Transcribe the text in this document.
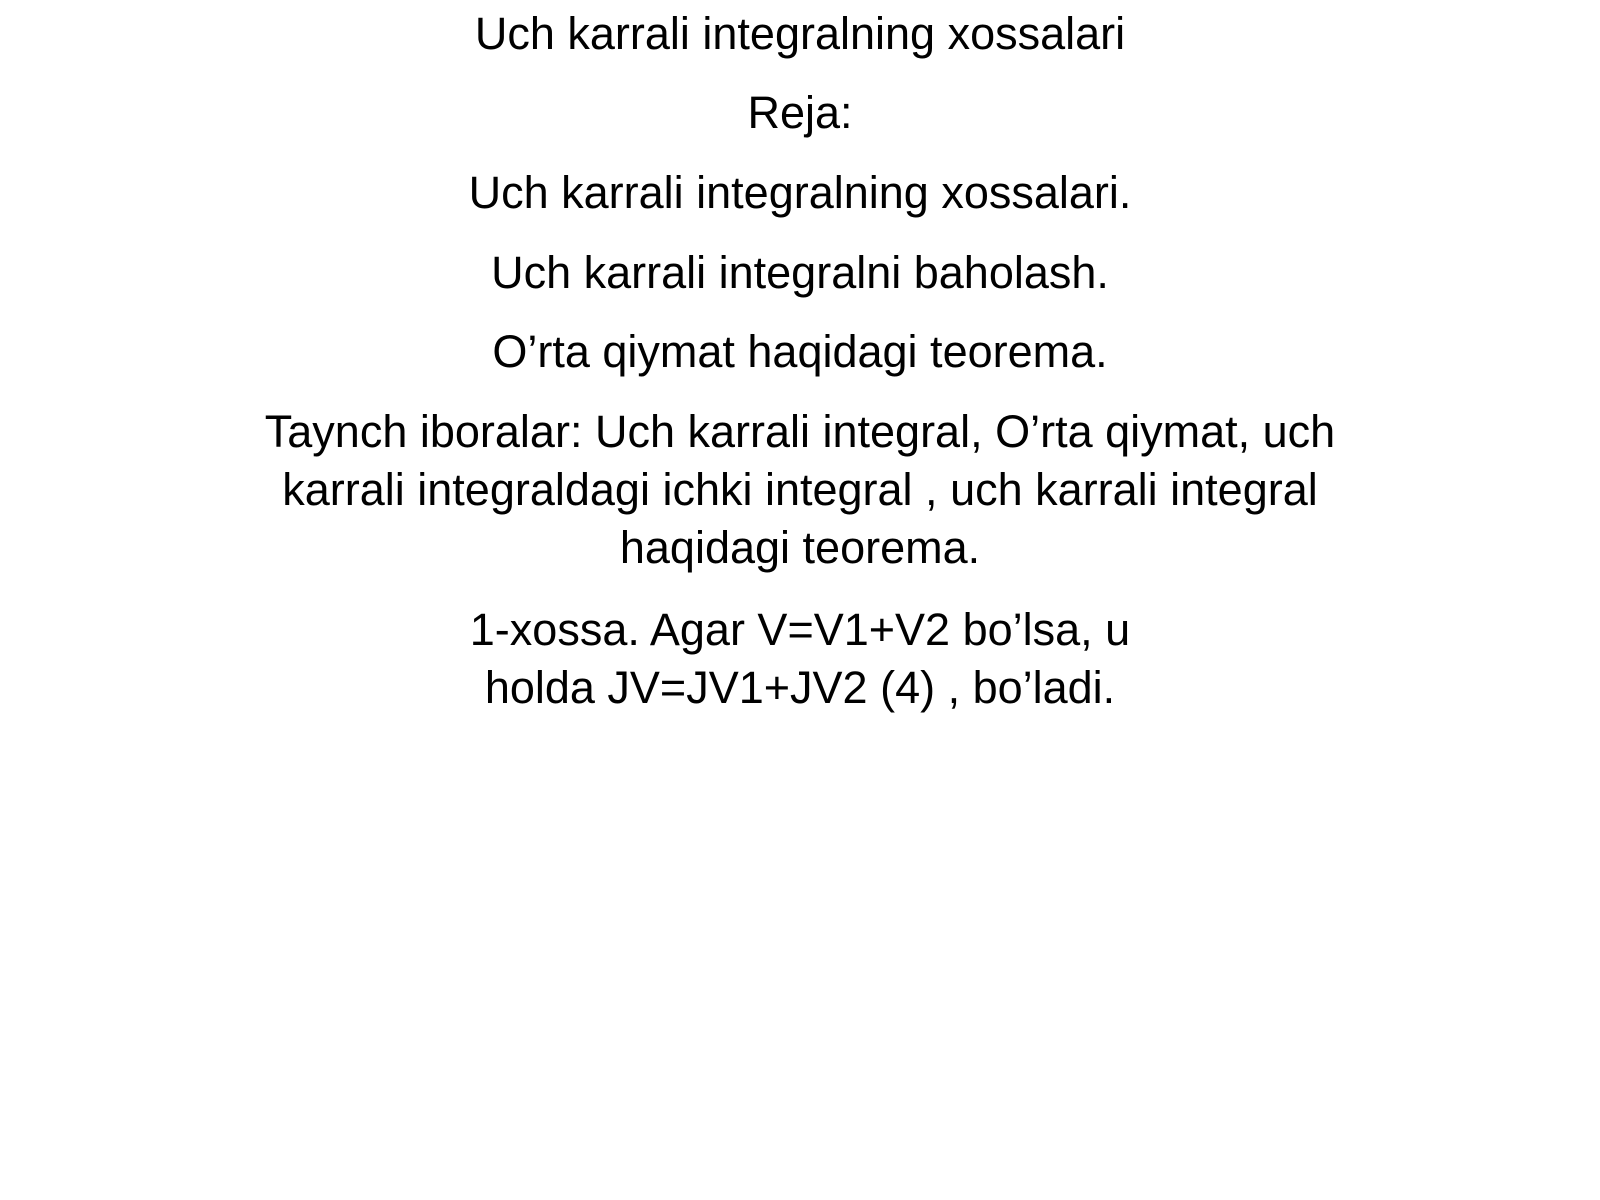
Uch karrali integralning xossalari
Reja:
Uch karrali integralning xossalari.
Uch karrali integralni baholash.
O’rta qiymat haqidagi teorema.
Taynch iboralar: Uch karrali integral, O’rta qiymat, uch
karrali integraldagi ichki integral , uch karrali integral
haqidagi teorema.
1-xossa. Agar V=V1+V2 bo’lsa, u
holda JV=JV1+JV2 (4) , bo’ladi.
